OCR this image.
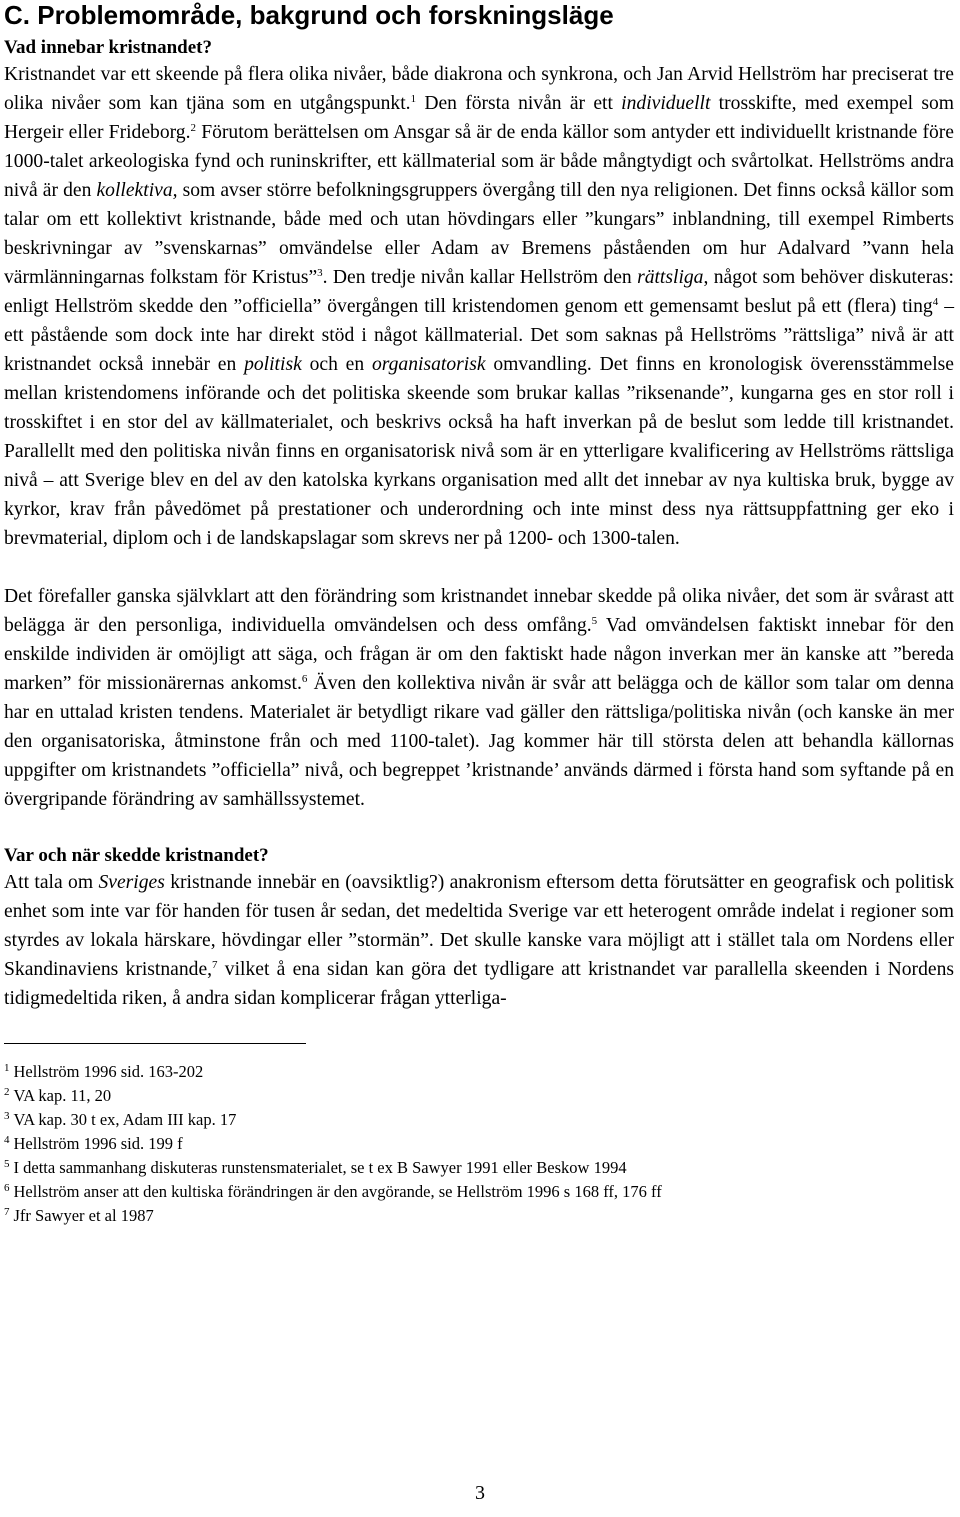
C. Problemområde, bakgrund och forskningsläge
Vad innebar kristnandet?

Kristnandet var ett skeende på flera olika nivåer, både diakrona och synkrona, och Jan Arvid Hellström har preciserat tre olika nivåer som kan tjäna som en utgångspunkt.$^1$ Den första nivån är ett individuellt trosskifte, med exempel som Hergeir eller Frideborg.$^2$ Förutom berättelsen om Ansgar så är de enda källor som antyder ett individuellt kristnande före 1000-talet arkeologiska fynd och runinskrifter, ett källmaterial som är både mångtydigt och svårtolkat. Hellströms andra nivå är den kollektiva, som avser större befolkningsgruppers övergång till den nya religionen. Det finns också källor som talar om ett kollektivt kristnande, både med och utan hövdingars eller ”kungars” inblandning, till exempel Rimberts beskrivningar av ”svenskarnas” omvändelse eller Adam av Bremens påståenden om hur Adalvard ”vann hela värmlänningarnas folkstam för Kristus”$^3$. Den tredje nivån kallar Hellström den rättsliga, något som behöver diskuteras: enligt Hellström skedde den ”officiella” övergången till kristendomen genom ett gemensamt beslut på ett (flera) ting$^4$ – ett påstående som dock inte har direkt stöd i något källmaterial. Det som saknas på Hellströms ”rättsliga” nivå är att kristnandet också innebär en politisk och en organisatorisk omvandling. Det finns en kronologisk överensstämmelse mellan kristendomens införande och det politiska skeende som brukar kallas ”riksenande”, kungarna ges en stor roll i trosskiftet i en stor del av källmaterialet, och beskrivs också ha haft inverkan på de beslut som ledde till kristnandet. Parallellt med den politiska nivån finns en organisatorisk nivå som är en ytterligare kvalificering av Hellströms rättsliga nivå – att Sverige blev en del av den katolska kyrkans organisation med allt det innebar av nya kultiska bruk, bygge av kyrkor, krav från påvedömet på prestationer och underordning och inte minst dess nya rättsuppfattning ger eko i brevmaterial, diplom och i de landskapslagar som skrevs ner på 1200- och 1300-talen.

Det förefaller ganska självklart att den förändring som kristnandet innebar skedde på olika nivåer, det som är svårast att belägga är den personliga, individuella omvändelsen och dess omfång.$^5$ Vad omvändelsen faktiskt innebar för den enskilde individen är omöjligt att säga, och frågan är om den faktiskt hade någon inverkan mer än kanske att ”bereda marken” för missionärernas ankomst.$^6$ Även den kollektiva nivån är svår att belägga och de källor som talar om denna har en uttalad kristen tendens. Materialet är betydligt rikare vad gäller den rättsliga/politiska nivån (och kanske än mer den organisatoriska, åtminstone från och med 1100-talet). Jag kommer här till största delen att behandla källornas uppgifter om kristnandets ”officiella” nivå, och begreppet ’kristnande’ används därmed i första hand som syftande på en övergripande förändring av samhällssystemet.

Var och när skedde kristnandet?

Att tala om Sveriges kristnande innebär en (oavsiktlig?) anakronism eftersom detta förutsätter en geografisk och politisk enhet som inte var för handen för tusen år sedan, det medeltida Sverige var ett heterogent område indelat i regioner som styrdes av lokala härskare, hövdingar eller ”stormän”. Det skulle kanske vara möjligt att i stället tala om Nordens eller Skandinaviens kristnande,$^7$ vilket å ena sidan kan göra det tydligare att kristnandet var parallella skeenden i Nordens tidigmedeltida riken, å andra sidan komplicerar frågan ytterliga-

$^1$ Hellström 1996 sid. 163-202
$^2$ VA kap. 11, 20
$^3$ VA kap. 30 t ex, Adam III kap. 17
$^4$ Hellström 1996 sid. 199 f
$^5$ I detta sammanhang diskuteras runstensmaterialet, se t ex B Sawyer 1991 eller Beskow 1994
$^6$ Hellström anser att den kultiska förändringen är den avgörande, se Hellström 1996 s 168 ff, 176 ff
$^7$ Jfr Sawyer et al 1987
3
